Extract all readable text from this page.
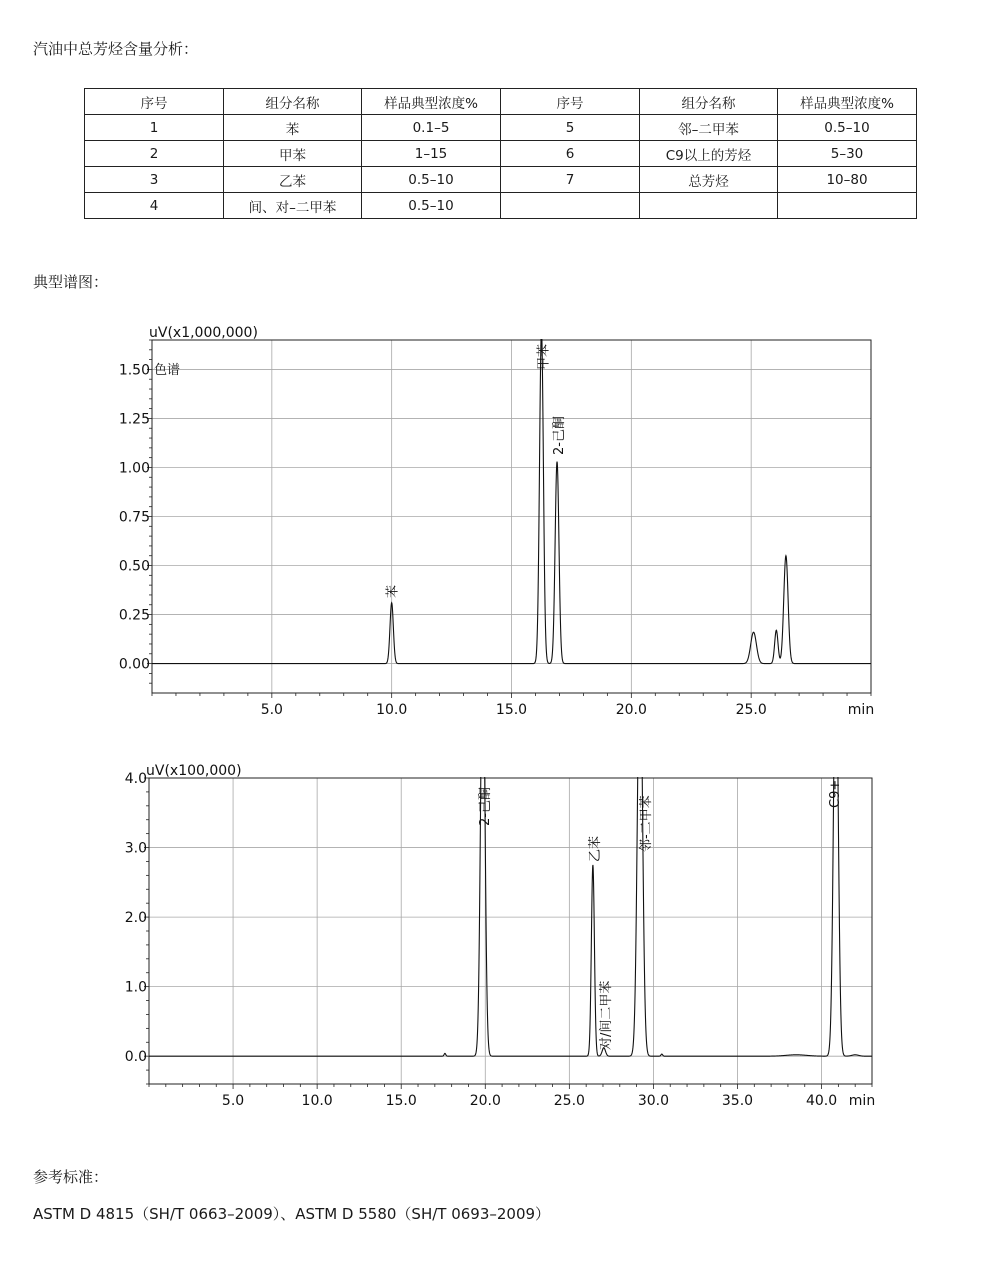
汽油中总芳烃含量分析：
序号	组分名称	样品典型浓度%	序号	组分名称	样品典型浓度%
1	苯	0.1–5	5	邻–二甲苯	0.5–10
2	甲苯	1–15	6	C9以上的芳烃	5–30
3	乙苯	0.5–10	7	总芳烃	10–80
4	间、对–二甲苯	0.5–10			
典型谱图：
5.0	10.0	15.0	20.0	25.0
0.00
0.25
0.50
0.75
1.00
1.25
1.50
uV(x1,000,000)
min
色谱
苯
甲苯
2-己酮
5.0	10.0	15.0	20.0	25.0	30.0	35.0	40.0
0.0
1.0
2.0
3.0
4.0 uV(x100,000)
min
2-己酮
乙苯
对/间二甲苯
邻-二甲苯
C9+
参考标准：
ASTM D 4815（SH/T 0663–2009）、ASTM D 5580（SH/T 0693–2009）
